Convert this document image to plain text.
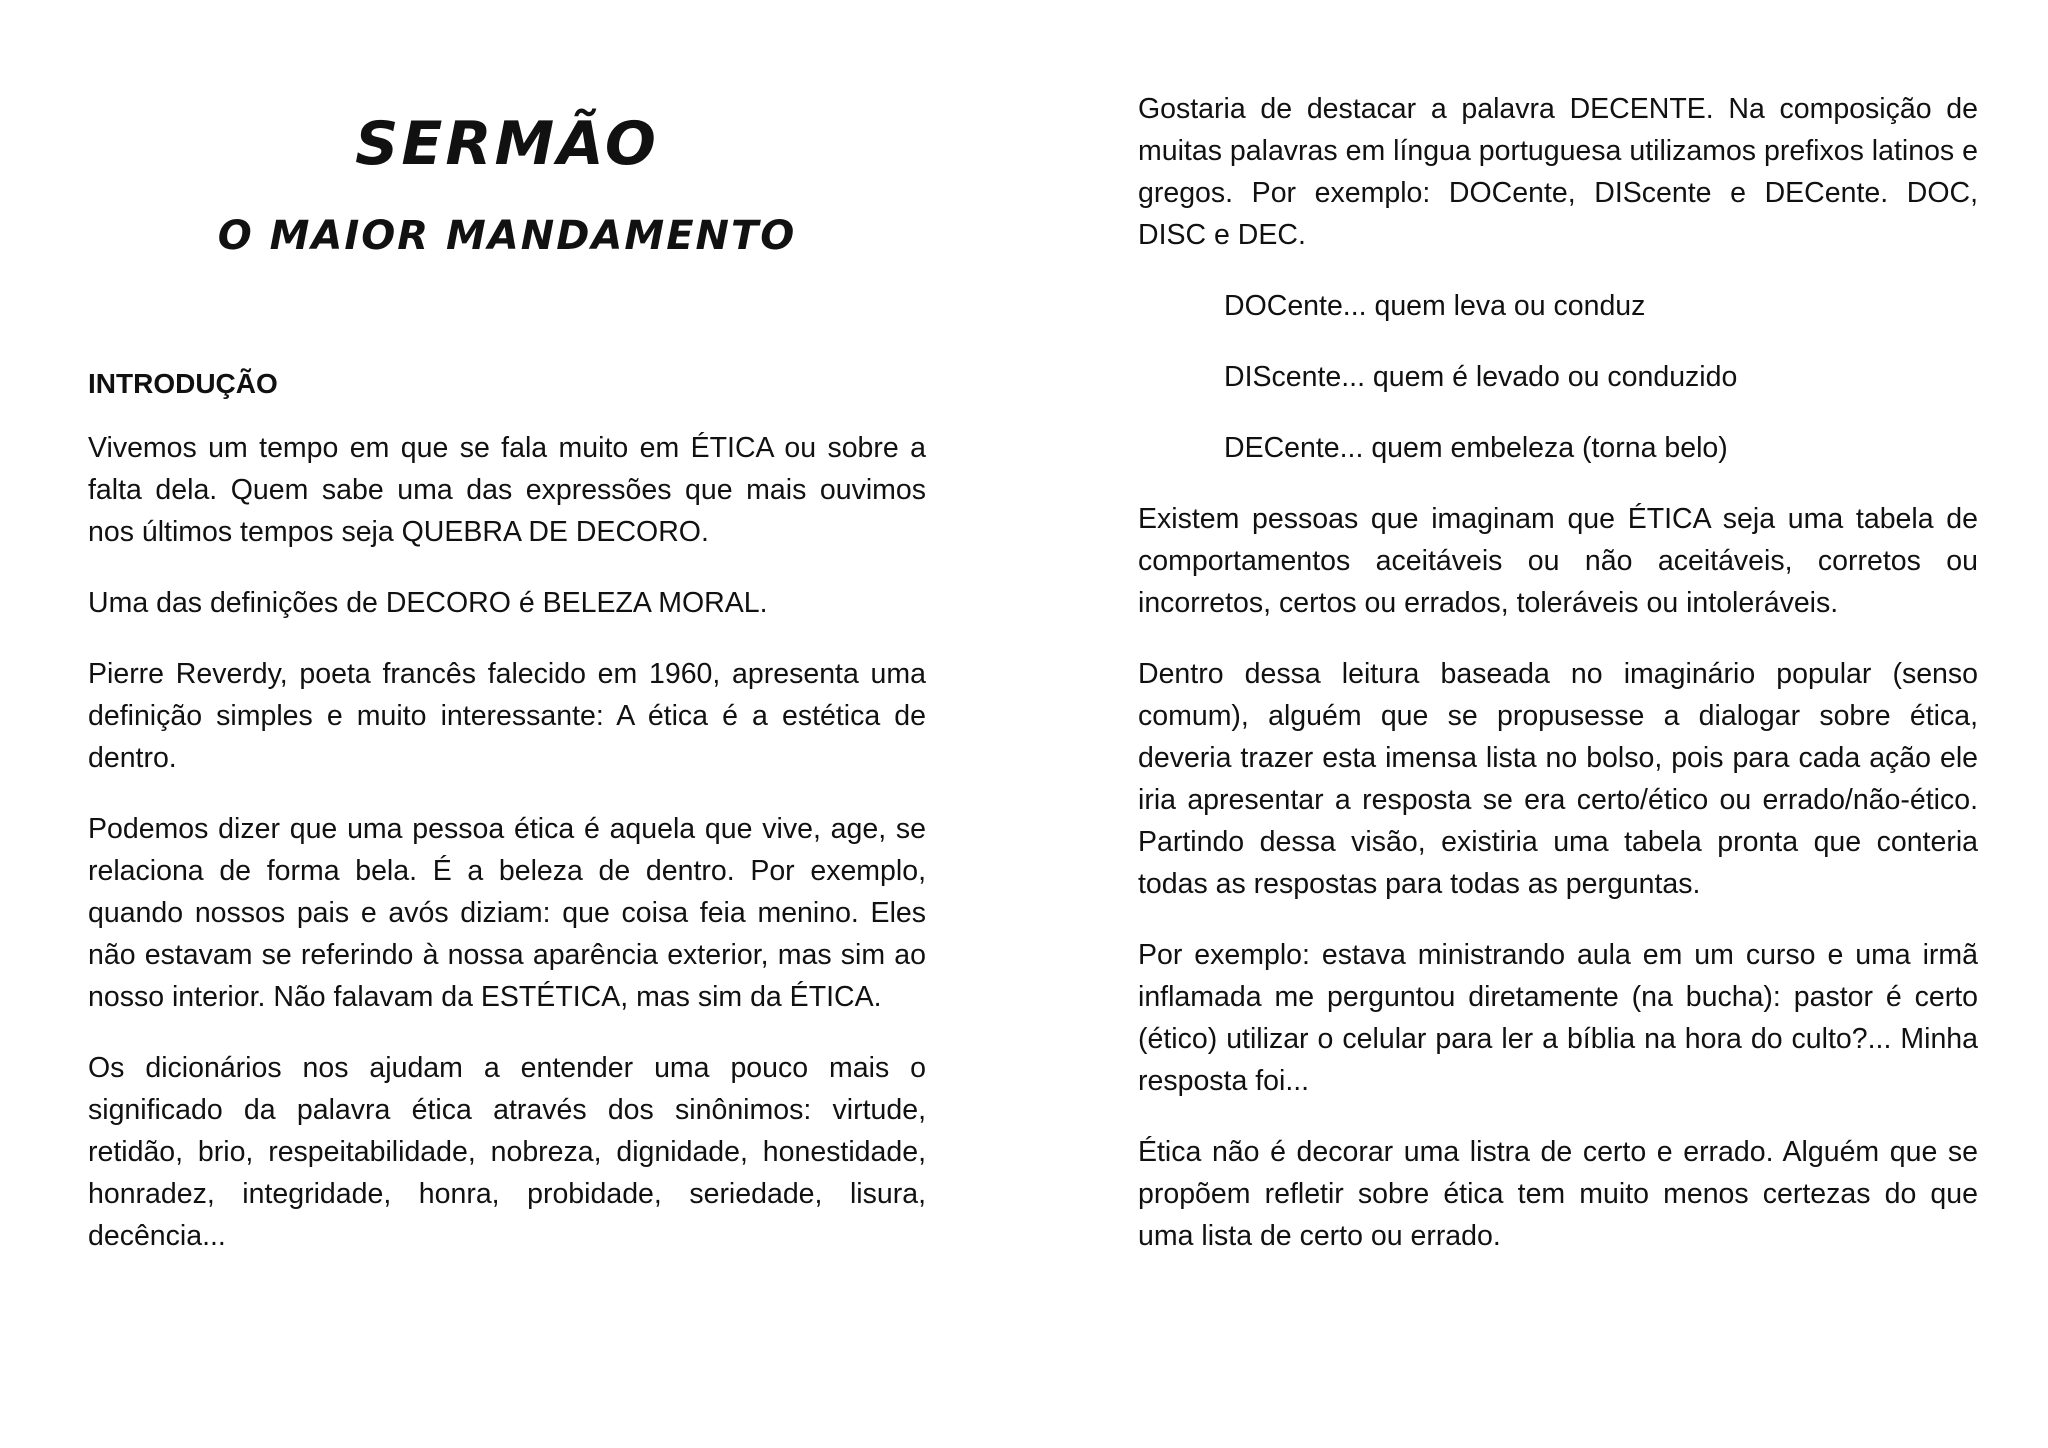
SERMÃO
O MAIOR MANDAMENTO
INTRODUÇÃO

Vivemos um tempo em que se fala muito em ÉTICA ou sobre a falta dela. Quem sabe uma das expressões que mais ouvimos nos últimos tempos seja QUEBRA DE DECORO.

Uma das definições de DECORO é BELEZA MORAL.

Pierre Reverdy, poeta francês falecido em 1960, apresenta uma definição simples e muito interessante: A ética é a estética de dentro.

Podemos dizer que uma pessoa ética é aquela que vive, age, se relaciona de forma bela. É a beleza de dentro. Por exemplo, quando nossos pais e avós diziam: que coisa feia menino. Eles não estavam se referindo à nossa aparência exterior, mas sim ao nosso interior. Não falavam da ESTÉTICA, mas sim da ÉTICA.

Os dicionários nos ajudam a entender uma pouco mais o significado da palavra ética através dos sinônimos: virtude, retidão, brio, respeitabilidade, nobreza, dignidade, honestidade, honradez, integridade, honra, probidade, seriedade, lisura, decência...

Gostaria de destacar a palavra DECENTE. Na composição de muitas palavras em língua portuguesa utilizamos prefixos latinos e gregos. Por exemplo: DOCente, DIScente e DECente. DOC, DISC e DEC.

DOCente... quem leva ou conduz

DIScente... quem é levado ou conduzido

DECente... quem embeleza (torna belo)

Existem pessoas que imaginam que ÉTICA seja uma tabela de comportamentos aceitáveis ou não aceitáveis, corretos ou incorretos, certos ou errados, toleráveis ou intoleráveis.

Dentro dessa leitura baseada no imaginário popular (senso comum), alguém que se propusesse a dialogar sobre ética, deveria trazer esta imensa lista no bolso, pois para cada ação ele iria apresentar a resposta se era certo/ético ou errado/não-ético. Partindo dessa visão, existiria uma tabela pronta que conteria todas as respostas para todas as perguntas.

Por exemplo: estava ministrando aula em um curso e uma irmã inflamada me perguntou diretamente (na bucha): pastor é certo (ético) utilizar o celular para ler a bíblia na hora do culto?... Minha resposta foi...

Ética não é decorar uma listra de certo e errado. Alguém que se propõem refletir sobre ética tem muito menos certezas do que uma lista de certo ou errado.
